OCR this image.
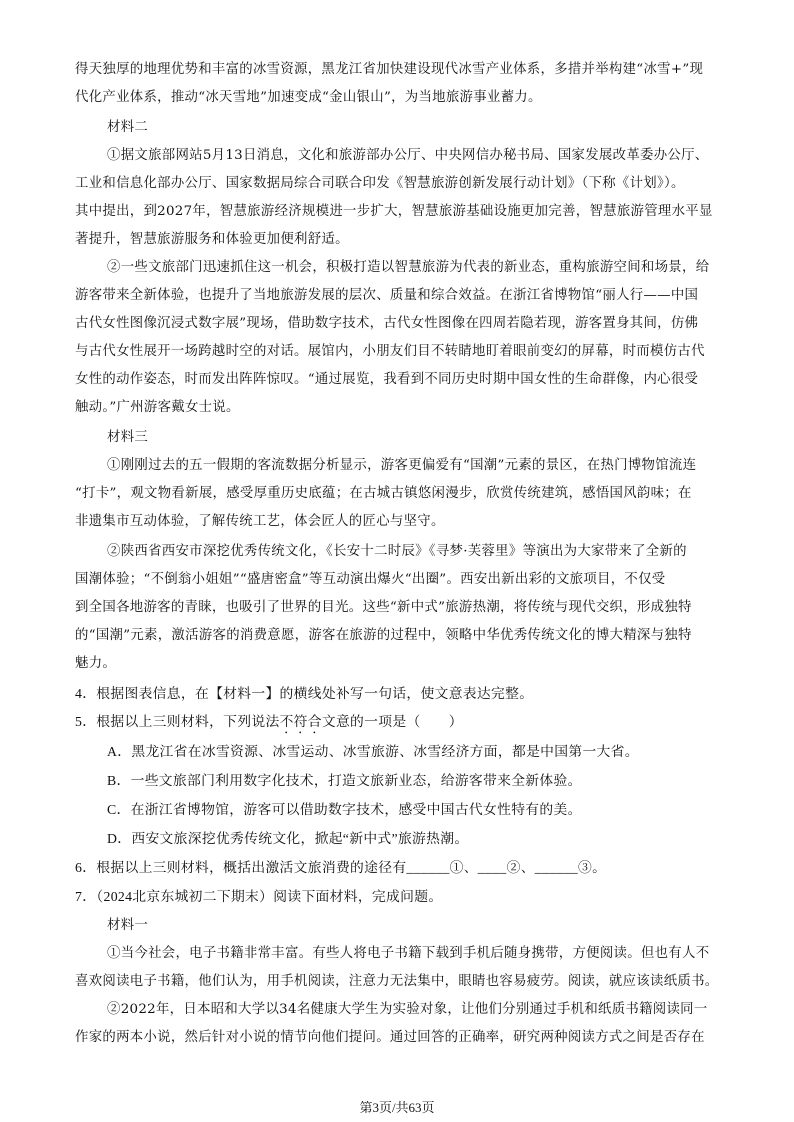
得天独厚的地理优势和丰富的冰雪资源，黑龙江省加快建设现代冰雪产业体系，多措并举构建“冰雪+”现
代化产业体系，推动“冰天雪地”加速变成“金山银山”，为当地旅游事业蓄力。
材料二
①据文旅部网站5月13日消息，文化和旅游部办公厅、中央网信办秘书局、国家发展改革委办公厅、
工业和信息化部办公厅、国家数据局综合司联合印发《智慧旅游创新发展行动计划》（下称《计划》）。
其中提出，到2027年，智慧旅游经济规模进一步扩大，智慧旅游基础设施更加完善，智慧旅游管理水平显
著提升，智慧旅游服务和体验更加便利舒适。
②一些文旅部门迅速抓住这一机会，积极打造以智慧旅游为代表的新业态，重构旅游空间和场景，给
游客带来全新体验，也提升了当地旅游发展的层次、质量和综合效益。在浙江省博物馆“丽人行——中国
古代女性图像沉浸式数字展”现场，借助数字技术，古代女性图像在四周若隐若现，游客置身其间，仿佛
与古代女性展开一场跨越时空的对话。展馆内，小朋友们目不转睛地盯着眼前变幻的屏幕，时而模仿古代
女性的动作姿态，时而发出阵阵惊叹。“通过展览，我看到不同历史时期中国女性的生命群像，内心很受
触动。”广州游客戴女士说。
材料三
①刚刚过去的五一假期的客流数据分析显示，游客更偏爱有“国潮”元素的景区，在热门博物馆流连
“打卡”，观文物看新展，感受厚重历史底蕴；在古城古镇悠闲漫步，欣赏传统建筑，感悟国风韵味；在
非遗集市互动体验，了解传统工艺，体会匠人的匠心与坚守。
②陕西省西安市深挖优秀传统文化，《长安十二时辰》《寻梦·芙蓉里》等演出为大家带来了全新的
国潮体验；“不倒翁小姐姐”“盛唐密盒”等互动演出爆火“出圈”。西安出新出彩的文旅项目，不仅受
到全国各地游客的青睐，也吸引了世界的目光。这些“新中式”旅游热潮，将传统与现代交织，形成独特
的“国潮”元素，激活游客的消费意愿，游客在旅游的过程中，领略中华优秀传统文化的博大精深与独特
魅力。
4．根据图表信息，在【材料一】的横线处补写一句话，使文意表达完整。
5．根据以上三则材料，下列说法不符合文意的一项是（　　）
A．黑龙江省在冰雪资源、冰雪运动、冰雪旅游、冰雪经济方面，都是中国第一大省。
B．一些文旅部门利用数字化技术，打造文旅新业态，给游客带来全新体验。
C．在浙江省博物馆，游客可以借助数字技术，感受中国古代女性特有的美。
D．西安文旅深挖优秀传统文化，掀起“新中式”旅游热潮。
6．根据以上三则材料，概括出激活文旅消费的途径有______①、____②、______③。
7．（2024北京东城初二下期末）阅读下面材料，完成问题。
材料一
①当今社会，电子书籍非常丰富。有些人将电子书籍下载到手机后随身携带，方便阅读。但也有人不
喜欢阅读电子书籍，他们认为，用手机阅读，注意力无法集中，眼睛也容易疲劳。阅读，就应该读纸质书。
②2022年，日本昭和大学以34名健康大学生为实验对象，让他们分别通过手机和纸质书籍阅读同一
作家的两本小说，然后针对小说的情节向他们提问。通过回答的正确率，研究两种阅读方式之间是否存在
第3页/共63页
